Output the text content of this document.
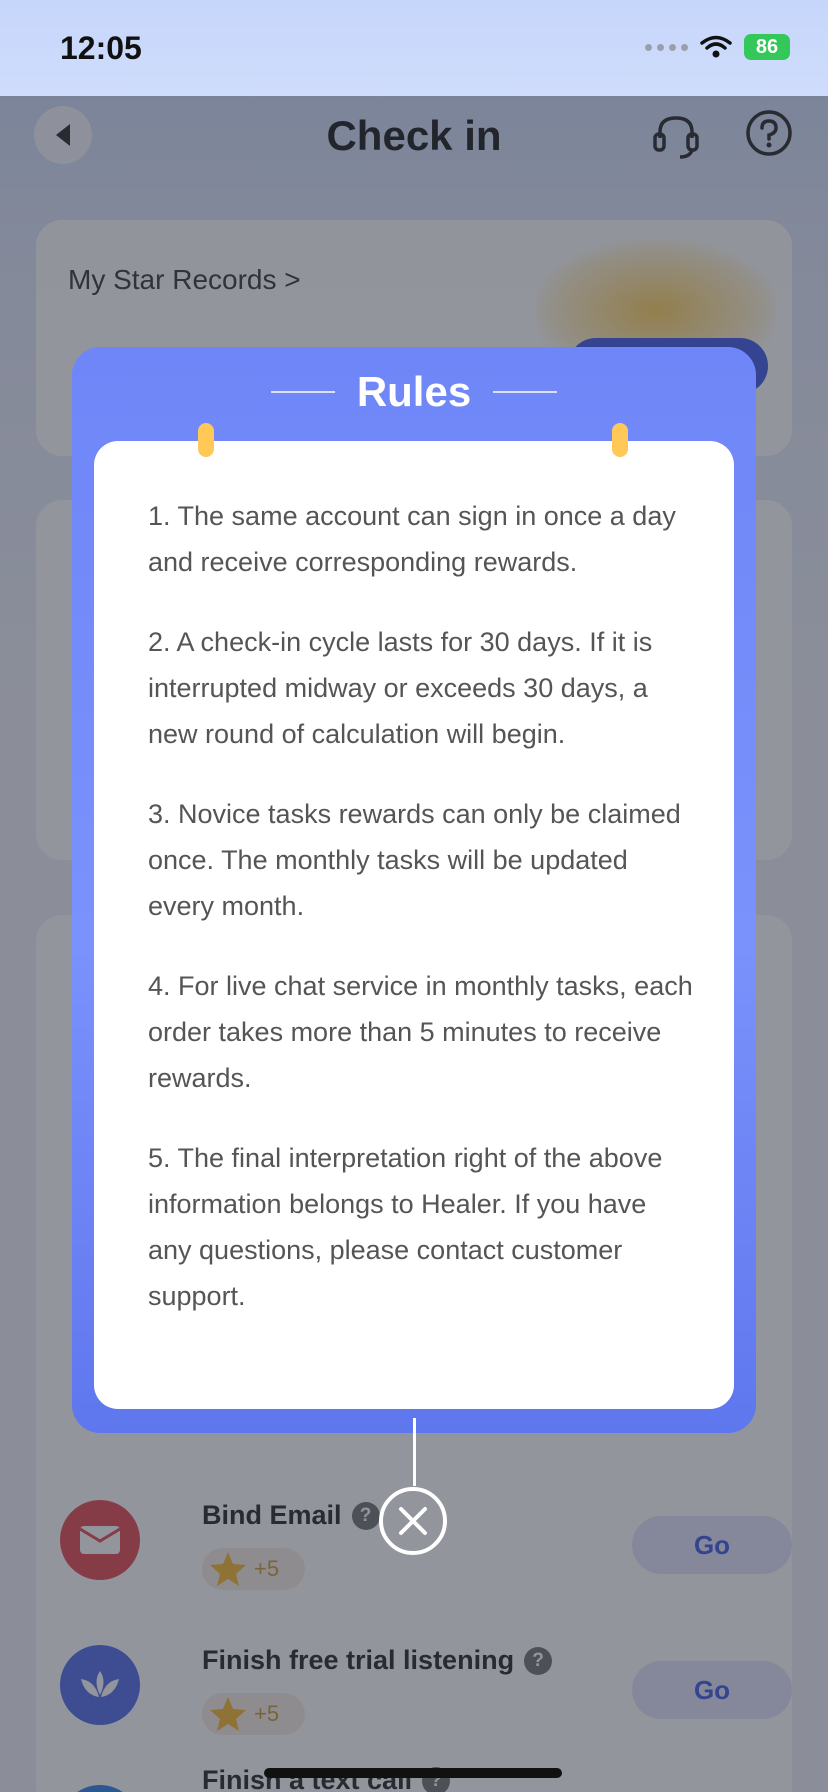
12:05	86
Rules
1. The same account can sign in once a day and receive corresponding rewards.
2. A check-in cycle lasts for 30 days. If it is interrupted midway or exceeds 30 days, a new round of calculation will begin.
3. Novice tasks rewards can only be claimed once. The monthly tasks will be updated every month.
4. For live chat service in monthly tasks, each order takes more than 5 minutes to receive rewards.
5. The final interpretation right of the above information belongs to Healer. If you have any questions, please contact customer support.
